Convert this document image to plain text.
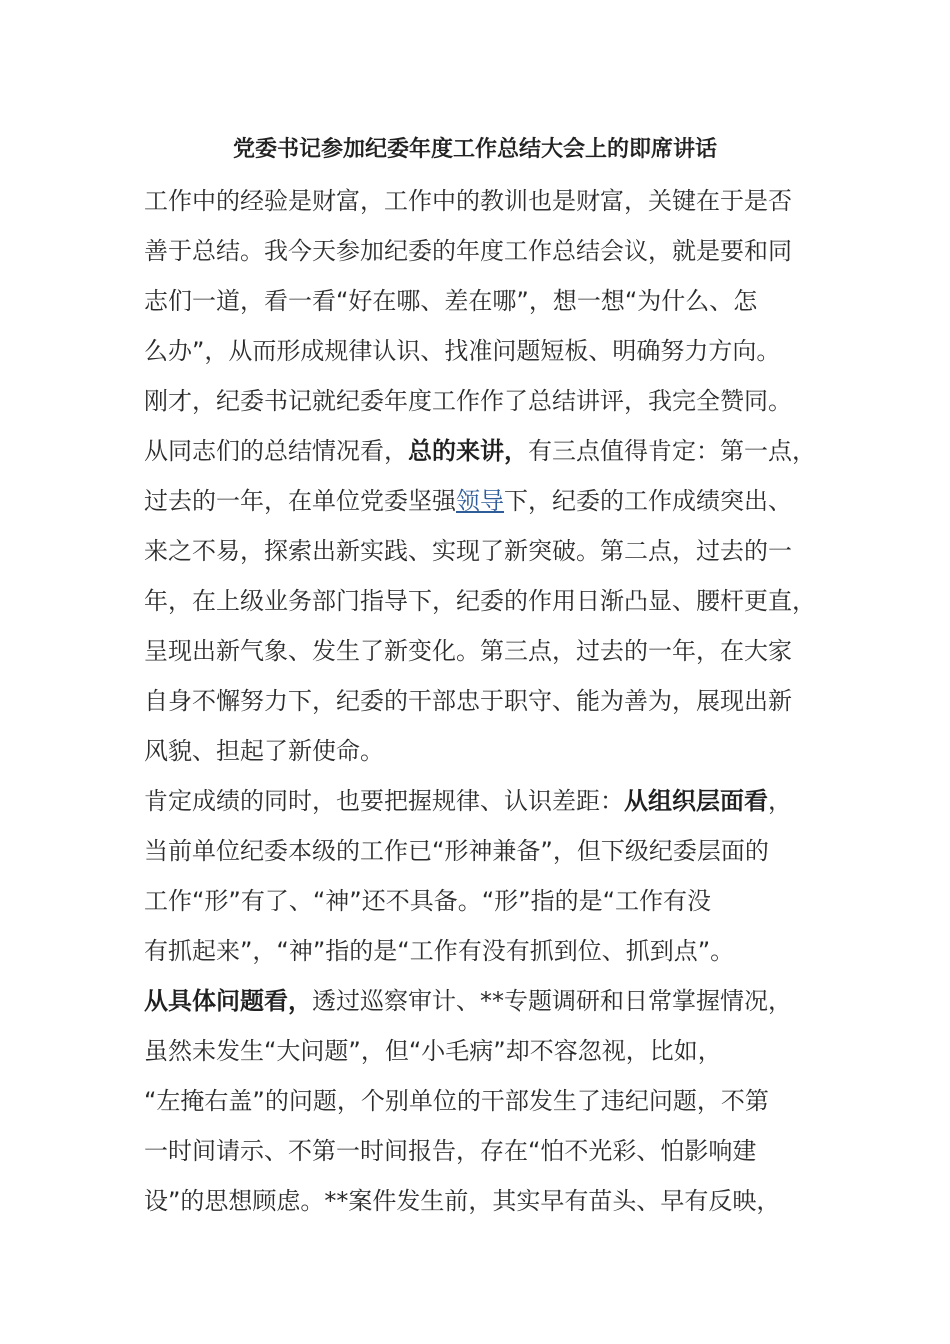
党委书记参加纪委年度工作总结大会上的即席讲话
工作中的经验是财富，工作中的教训也是财富，关键在于是否
善于总结。我今天参加纪委的年度工作总结会议，就是要和同
志们一道，看一看“好在哪、差在哪”，想一想“为什么、怎
么办”，从而形成规律认识、找准问题短板、明确努力方向。
刚才，纪委书记就纪委年度工作作了总结讲评，我完全赞同。
从同志们的总结情况看，总的来讲，有三点值得肯定：第一点，
过去的一年，在单位党委坚强领导下，纪委的工作成绩突出、
来之不易，探索出新实践、实现了新突破。第二点，过去的一
年，在上级业务部门指导下，纪委的作用日渐凸显、腰杆更直，
呈现出新气象、发生了新变化。第三点，过去的一年，在大家
自身不懈努力下，纪委的干部忠于职守、能为善为，展现出新
风貌、担起了新使命。
肯定成绩的同时，也要把握规律、认识差距：从组织层面看，
当前单位纪委本级的工作已“形神兼备”，但下级纪委层面的
工作“形”有了、“神”还不具备。“形”指的是“工作有没
有抓起来”，“神”指的是“工作有没有抓到位、抓到点”。
从具体问题看，透过巡察审计、**专题调研和日常掌握情况，
虽然未发生“大问题”，但“小毛病”却不容忽视，比如，
“左掩右盖”的问题，个别单位的干部发生了违纪问题，不第
一时间请示、不第一时间报告，存在“怕不光彩、怕影响建
设”的思想顾虑。**案件发生前，其实早有苗头、早有反映，
